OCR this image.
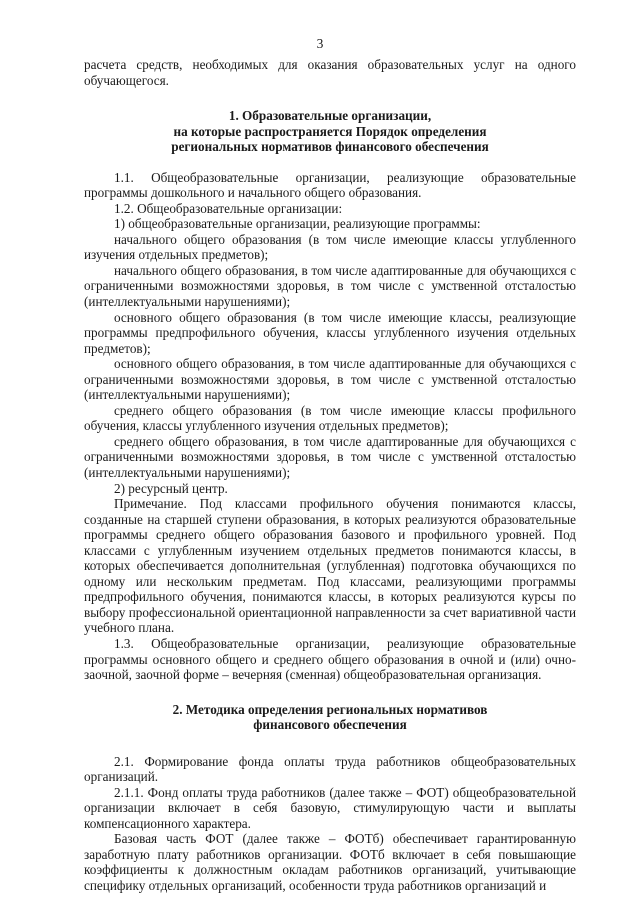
3

расчета средств, необходимых для оказания образовательных услуг на одного обучающегося.

1. Образовательные организации,

на которые распространяется Порядок определения

региональных нормативов финансового обеспечения

1.1. Общеобразовательные организации, реализующие образовательные программы дошкольного и начального общего образования.

1.2. Общеобразовательные организации:

1) общеобразовательные организации, реализующие программы:

начального общего образования (в том числе имеющие классы углубленного изучения отдельных предметов);

начального общего образования, в том числе адаптированные для обучающихся с ограниченными возможностями здоровья, в том числе с умственной отсталостью (интеллектуальными нарушениями);

основного общего образования (в том числе имеющие классы, реализующие программы предпрофильного обучения, классы углубленного изучения отдельных предметов);

основного общего образования, в том числе адаптированные для обучающихся с ограниченными возможностями здоровья, в том числе с умственной отсталостью (интеллектуальными нарушениями);

среднего общего образования (в том числе имеющие классы профильного обучения, классы углубленного изучения отдельных предметов);

среднего общего образования, в том числе адаптированные для обучающихся с ограниченными возможностями здоровья, в том числе с умственной отсталостью (интеллектуальными нарушениями);

2) ресурсный центр.

Примечание. Под классами профильного обучения понимаются классы, созданные на старшей ступени образования, в которых реализуются образовательные программы среднего общего образования базового и профильного уровней. Под классами с углубленным изучением отдельных предметов понимаются классы, в которых обеспечивается дополнительная (углубленная) подготовка обучающихся по одному или нескольким предметам. Под классами, реализующими программы предпрофильного обучения, понимаются классы, в которых реализуются курсы по выбору профессиональной ориентационной направленности за счет вариативной части учебного плана.

1.3. Общеобразовательные организации, реализующие образовательные программы основного общего и среднего общего образования в очной и (или) очно-заочной, заочной форме – вечерняя (сменная) общеобразовательная организация.

2. Методика определения региональных нормативов

финансового обеспечения

2.1. Формирование фонда оплаты труда работников общеобразовательных организаций.

2.1.1. Фонд оплаты труда работников (далее также – ФОТ) общеобразовательной организации включает в себя базовую, стимулирующую части и выплаты компенсационного характера.

Базовая часть ФОТ (далее также – ФОТб) обеспечивает гарантированную заработную плату работников организации. ФОТб включает в себя повышающие коэффициенты к должностным окладам работников организаций, учитывающие специфику отдельных организаций, особенности труда работников организаций и
